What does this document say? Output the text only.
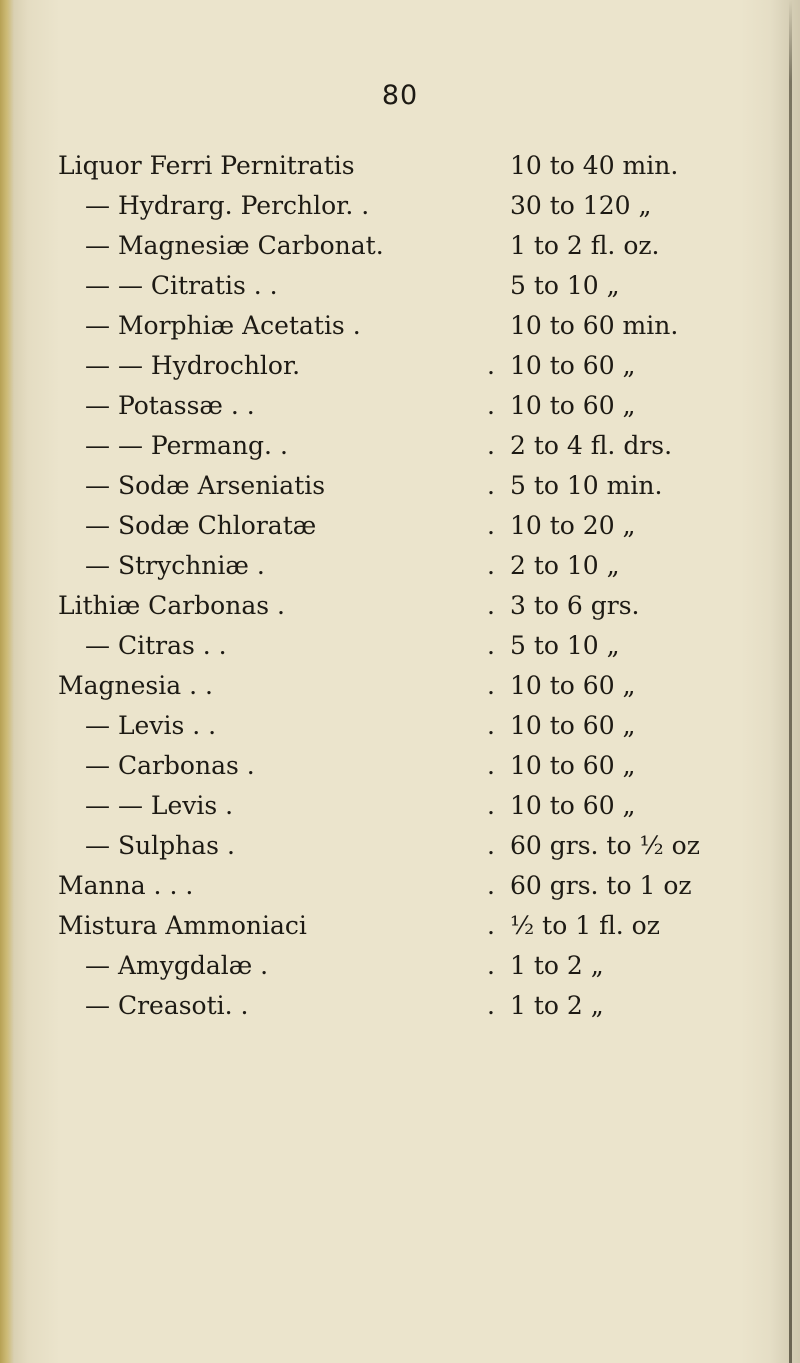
80
Liquor Ferri Pernitratis	10 to 40 min.
— Hydrarg. Perchlor. .	30 to 120 „
— Magnesiæ Carbonat.	1 to 2 fl. oz.
— — Citratis . .	5 to 10 „
— Morphiæ Acetatis .	10 to 60 min.
— — Hydrochlor.	. 10 to 60 „
— Potassæ . .	. 10 to 60 „
— — Permang. .	. 2 to 4 fl. drs.
— Sodæ Arseniatis	. 5 to 10 min.
— Sodæ Chloratæ	. 10 to 20 „
— Strychniæ .	. 2 to 10 „
Lithiæ Carbonas .	. 3 to 6 grs.
— Citras . .	. 5 to 10 „
Magnesia . .	. 10 to 60 „
— Levis . .	. 10 to 60 „
— Carbonas .	. 10 to 60 „
— — Levis .	. 10 to 60 „
— Sulphas .	. 60 grs. to ½ oz
Manna . . .	. 60 grs. to 1 oz
Mistura Ammoniaci	. ½ to 1 fl. oz
— Amygdalæ .	. 1 to 2 „
— Creasoti. .	. 1 to 2 „
